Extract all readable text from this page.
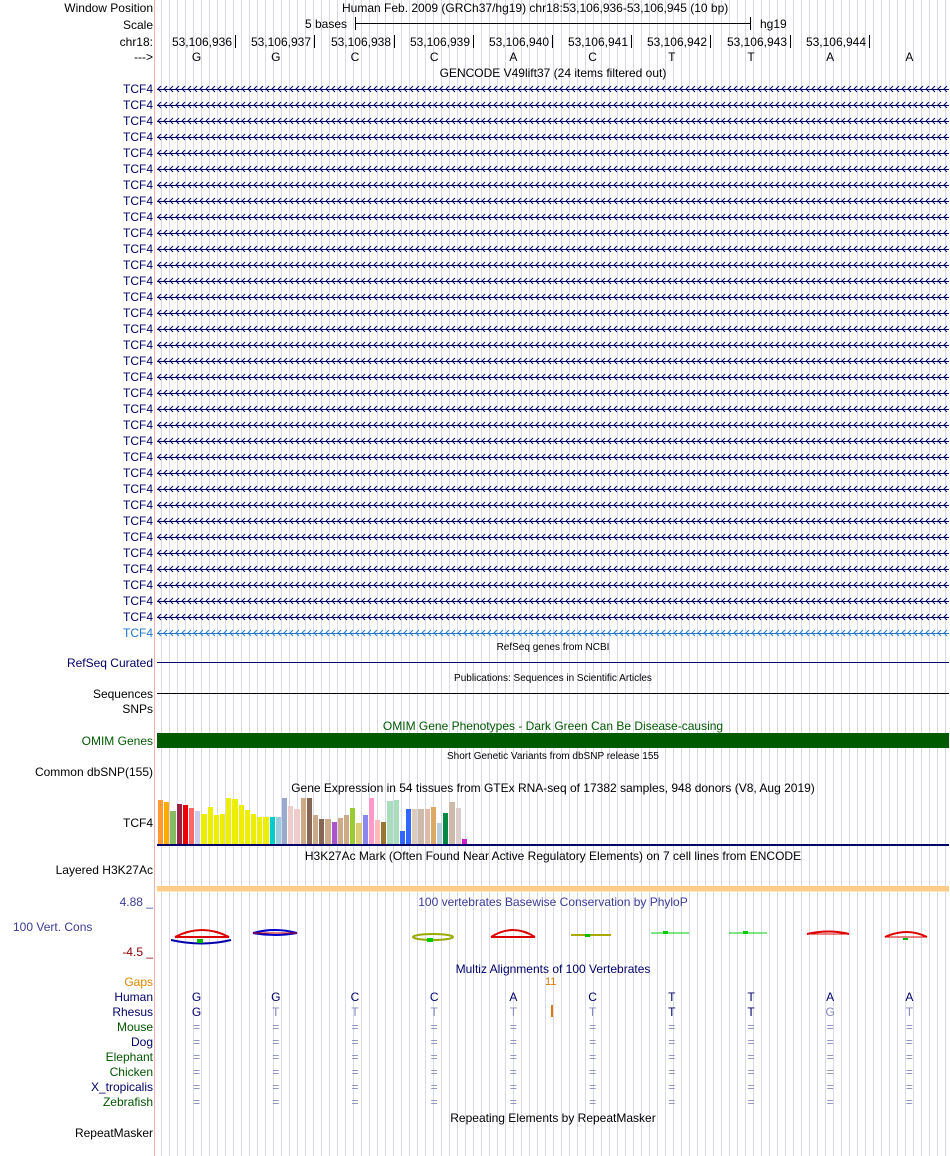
Window Position	Human Feb. 2009 (GRCh37/hg19) chr18:53,106,936-53,106,945 (10 bp)
Scale	5 bases	hg19
chr18: 53,106,936 53,106,937 53,106,938 53,106,939 53,106,940 53,106,941 53,106,942 53,106,943 53,106,944
--->	G	G	C	C	A	C	T	T	A	A
GENCODE V49lift37 (24 items filtered out)
TCF4
TCF4
TCF4
TCF4
TCF4
TCF4
TCF4
TCF4
TCF4
TCF4
TCF4
TCF4
TCF4
TCF4
TCF4
TCF4
TCF4
TCF4
TCF4
TCF4
TCF4
TCF4
TCF4
TCF4
TCF4
TCF4
TCF4
TCF4
TCF4
TCF4
TCF4
TCF4
TCF4
TCF4
TCF4
RefSeq genes from NCBI
RefSeq Curated
Publications: Sequences in Scientific Articles
Sequences
SNPs
OMIM Gene Phenotypes - Dark Green Can Be Disease-causing
OMIM Genes
Short Genetic Variants from dbSNP release 155
Common dbSNP(155)
Gene Expression in 54 tissues from GTEx RNA-seq of 17382 samples, 948 donors (V8, Aug 2019)
TCF4
H3K27Ac Mark (Often Found Near Active Regulatory Elements) on 7 cell lines from ENCODE
Layered H3K27Ac
100 vertebrates Basewise Conservation by PhyloP
4.88 _
100 Vert. Cons
-4.5 _
Multiz Alignments of 100 Vertebrates
Gaps	11
Human	G	G	C	C	A	C	T	T	A	A
Rhesus	G	T	T	T	T	T	T	T	G	T
Mouse	=	=	=	=	=	=	=	=	=	=
Dog	=	=	=	=	=	=	=	=	=	=
Elephant	=	=	=	=	=	=	=	=	=	=
Chicken	=	=	=	=	=	=	=	=	=	=
X_tropicalis	=	=	=	=	=	=	=	=	=	=
Zebrafish	=	=	=	=	=	=	=	=	=	=
Repeating Elements by RepeatMasker
RepeatMasker
